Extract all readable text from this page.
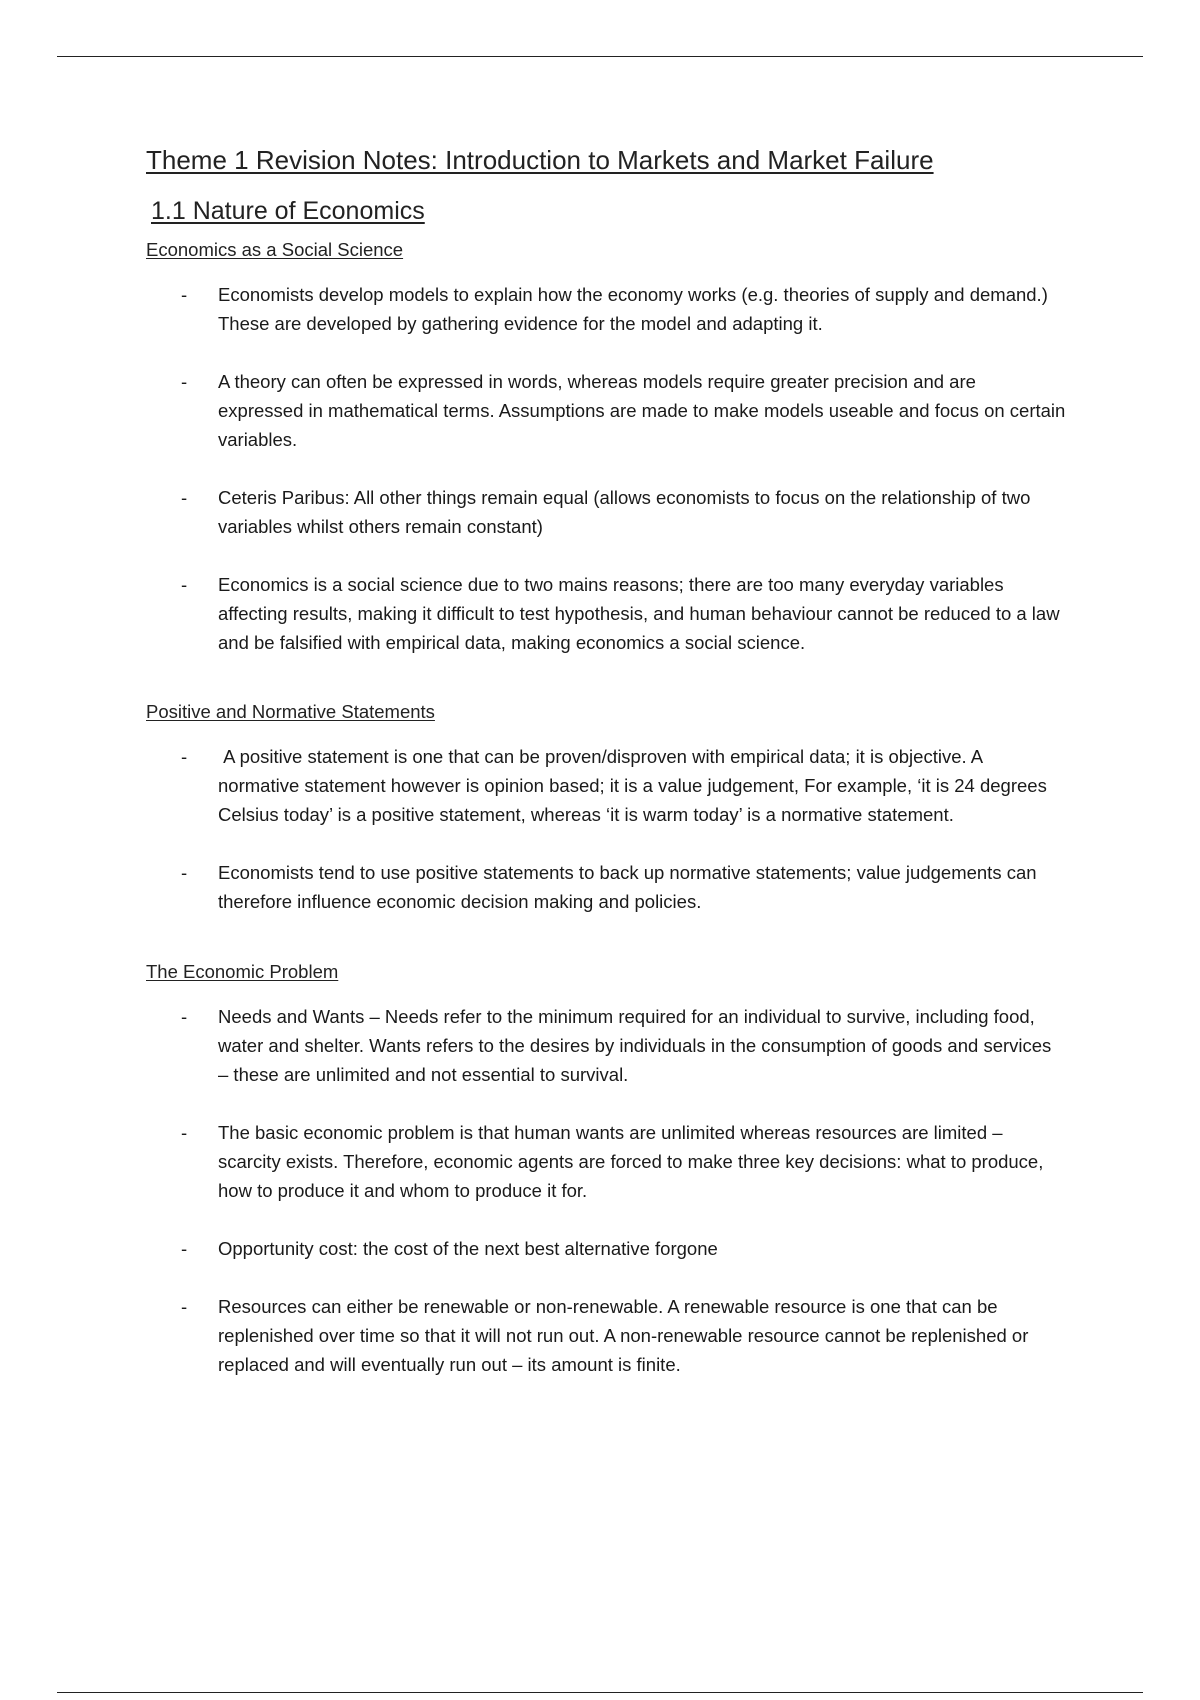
Theme 1 Revision Notes: Introduction to Markets and Market Failure
1.1 Nature of Economics
Economics as a Social Science
- Economists develop models to explain how the economy works (e.g. theories of supply and demand.) These are developed by gathering evidence for the model and adapting it.
- A theory can often be expressed in words, whereas models require greater precision and are expressed in mathematical terms. Assumptions are made to make models useable and focus on certain variables.
- Ceteris Paribus: All other things remain equal (allows economists to focus on the relationship of two variables whilst others remain constant)
- Economics is a social science due to two mains reasons; there are too many everyday variables affecting results, making it difficult to test hypothesis, and human behaviour cannot be reduced to a law and be falsified with empirical data, making economics a social science.
Positive and Normative Statements
- A positive statement is one that can be proven/disproven with empirical data; it is objective. A normative statement however is opinion based; it is a value judgement, For example, ‘it is 24 degrees Celsius today’ is a positive statement, whereas ‘it is warm today’ is a normative statement.
- Economists tend to use positive statements to back up normative statements; value judgements can therefore influence economic decision making and policies.
The Economic Problem
- Needs and Wants – Needs refer to the minimum required for an individual to survive, including food, water and shelter. Wants refers to the desires by individuals in the consumption of goods and services – these are unlimited and not essential to survival.
- The basic economic problem is that human wants are unlimited whereas resources are limited – scarcity exists. Therefore, economic agents are forced to make three key decisions: what to produce, how to produce it and whom to produce it for.
- Opportunity cost: the cost of the next best alternative forgone
- Resources can either be renewable or non-renewable. A renewable resource is one that can be replenished over time so that it will not run out. A non-renewable resource cannot be replenished or replaced and will eventually run out – its amount is finite.
